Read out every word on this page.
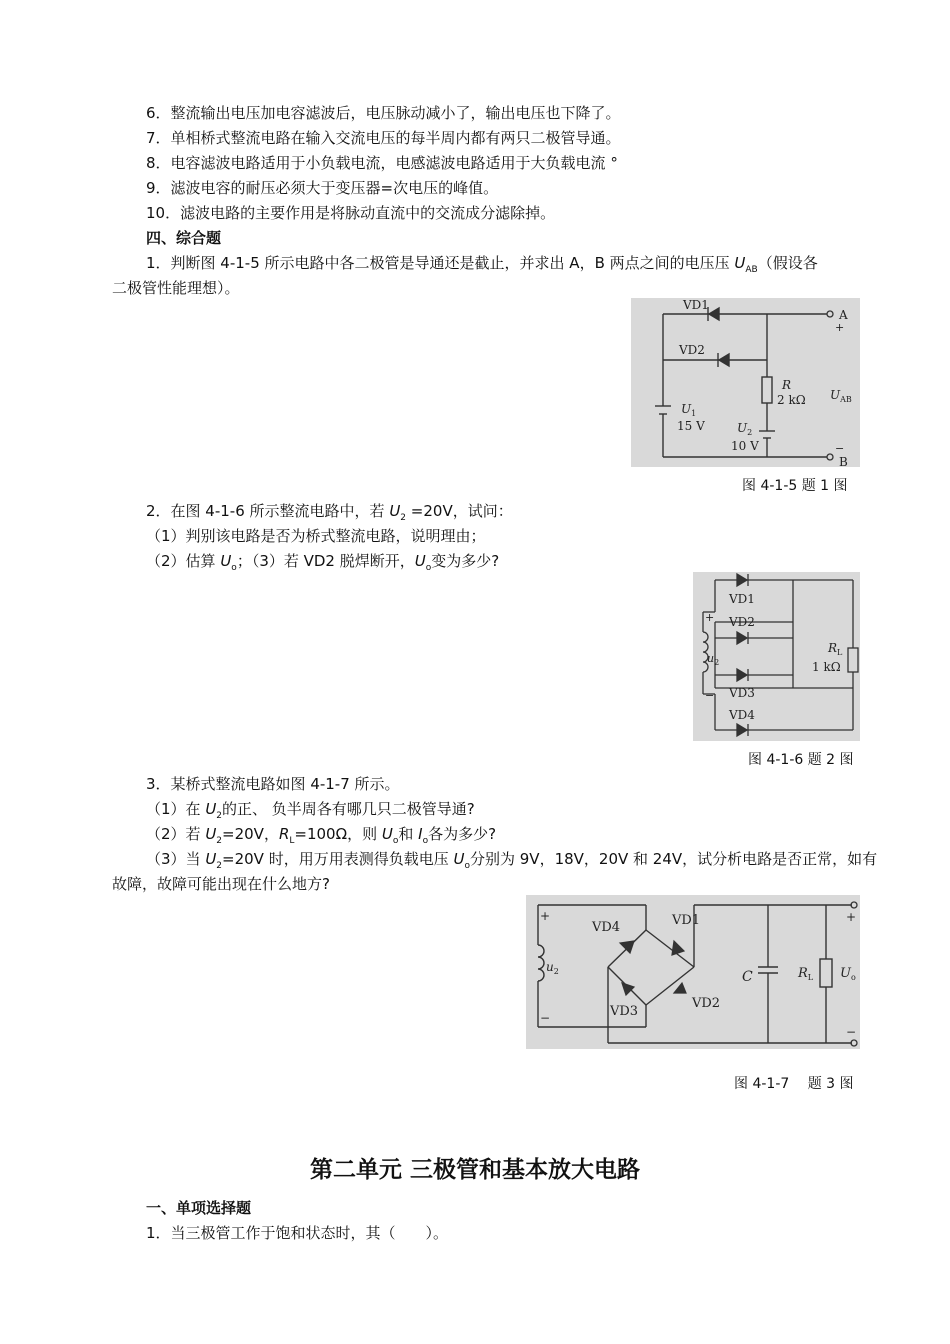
6．整流输出电压加电容滤波后，电压脉动减小了，输出电压也下降了。
7．单相桥式整流电路在输入交流电压的每半周内都有两只二极管导通。
8．电容滤波电路适用于小负载电流，电感滤波电路适用于大负载电流 °
9．滤波电容的耐压必须大于变压器=次电压的峰值。
10．滤波电路的主要作用是将脉动直流中的交流成分滤除掉。
四、综合题
1．判断图 4-1-5 所示电路中各二极管是导通还是截止，并求出 A，B 两点之间的电压压 $U_{AB}$（假设各
二极管性能理想）。
VD1
VD2
A
+
−
B
R
2 kΩ
$U_1$
15 V	$U_2$
10 V
$U_{AB}$
图 4-1-5 题 1 图
2．在图 4-1-6 所示整流电路中，若 $U_2 =20V$，试问：
（1）判别该电路是否为桥式整流电路，说明理由；
（2）估算 $U_o$；（3）若 VD2 脱焊断开，$U_o$变为多少?
VD1
VD2
VD3
VD4
+
−
$u_2$
$R_L$
1 kΩ
图 4-1-6 题 2 图
3．某桥式整流电路如图 4-1-7 所示。
（1）在 $U_2$的正、 负半周各有哪几只二极管导通?
（2）若 $U_2=20V$，$R_L=100\Omega$，则 $U_o$和 $I_o$各为多少?
（3）当 $U_2=20V$ 时，用万用表测得负载电压 $U_o$分别为 9V，18V，20V 和 24V，试分析电路是否正常，如有
故障，故障可能出现在什么地方?
VD4	VD1
VD3
VD2
+
−
$u_2$	C	$R_L$ $U_o$
+
−
图 4-1-7　 题 3 图
第二单元 三极管和基本放大电路
一、单项选择题
1．当三极管工作于饱和状态时，其（　　）。
